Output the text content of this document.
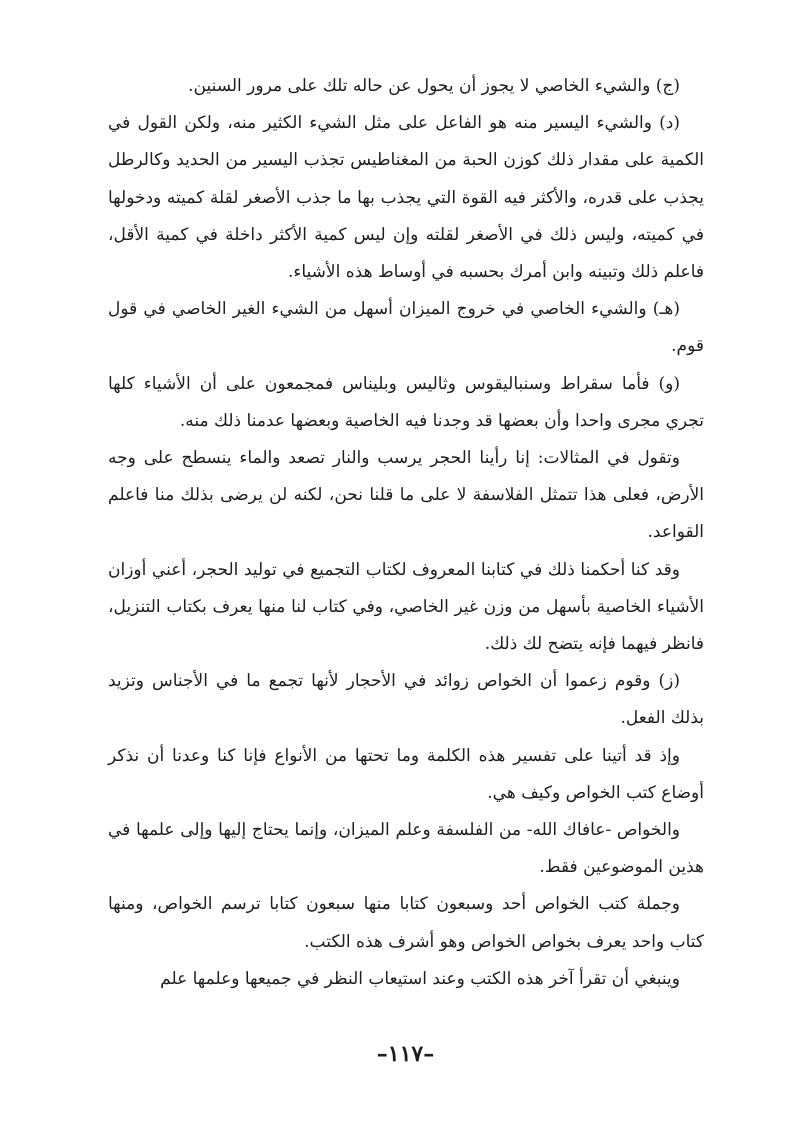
(ج) والشيء الخاصي لا يجوز أن يحول عن حاله تلك على مرور السنين.

(د) والشيء اليسير منه هو الفاعل على مثل الشيء الكثير منه، ولكن القول في الكمية على مقدار ذلك كوزن الحبة من المغناطيس تجذب اليسير من الحديد وكالرطل يجذب على قدره، والأكثر فيه القوة التي يجذب بها ما جذب الأصغر لقلة كميته ودخولها في كميته، وليس ذلك في الأصغر لقلته وإن ليس كمية الأكثر داخلة في كمية الأقل، فاعلم ذلك وتبينه وابن أمرك بحسبه في أوساط هذه الأشياء.

(هـ) والشيء الخاصي في خروج الميزان أسهل من الشيء الغير الخاصي في قول قوم.

(و) فأما سقراط وسنباليقوس وثاليس وبليناس فمجمعون على أن الأشياء كلها تجري مجرى واحدا وأن بعضها قد وجدنا فيه الخاصية وبعضها عدمنا ذلك منه.

وتقول في المثالات: إنا رأينا الحجر يرسب والنار تصعد والماء ينسطح على وجه الأرض، فعلى هذا تتمثل الفلاسفة لا على ما قلنا نحن، لكنه لن يرضى بذلك منا فاعلم القواعد.

وقد كنا أحكمنا ذلك في كتابنا المعروف لكتاب التجميع في توليد الحجر، أعني أوزان الأشياء الخاصية بأسهل من وزن غير الخاصي، وفي كتاب لنا منها يعرف بكتاب التنزيل، فانظر فيهما فإنه يتضح لك ذلك.

(ز) وقوم زعموا أن الخواص زوائد في الأحجار لأنها تجمع ما في الأجناس وتزيد بذلك الفعل.

وإذ قد أتينا على تفسير هذه الكلمة وما تحتها من الأنواع فإنا كنا وعدنا أن نذكر أوضاع كتب الخواص وكيف هي.

والخواص -عافاك الله- من الفلسفة وعلم الميزان، وإنما يحتاج إليها وإلى علمها في هذين الموضوعين فقط.

وجملة كتب الخواص أحد وسبعون كتابا منها سبعون كتابا ترسم الخواص، ومنها كتاب واحد يعرف بخواص الخواص وهو أشرف هذه الكتب.

وينبغي أن تقرأ آخر هذه الكتب وعند استيعاب النظر في جميعها وعلمها علم

–١١٧–
